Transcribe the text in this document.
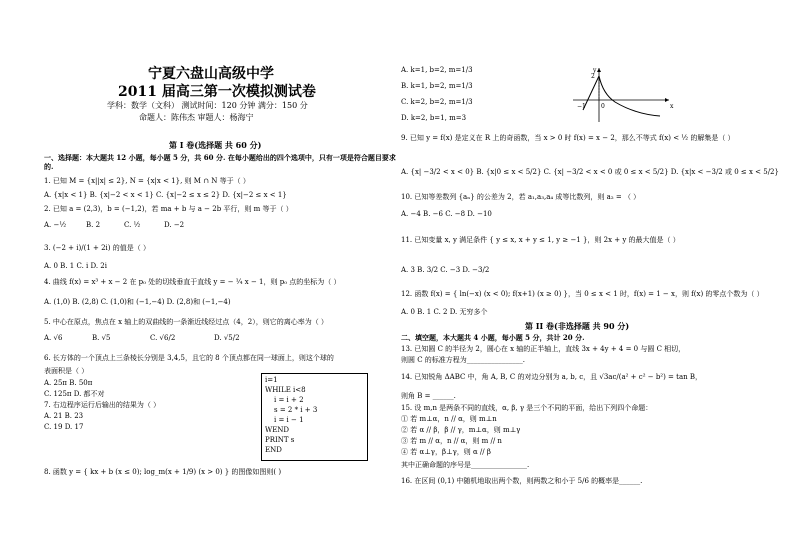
宁夏六盘山高级中学
2011 届高三第一次模拟测试卷
学科：数学（文科） 测试时间：120 分钟 满分：150 分
命题人：陈伟杰 审题人：杨海宁
第 I 卷(选择题 共 60 分)
一、选择题：本大题共 12 小题，每小题 5 分，共 60 分. 在每小题给出的四个选项中，只有一项是符合题目要求的.
1. 已知 M = {x||x| ≤ 2}, N = {x|x < 1}, 则 M ∩ N 等于（ ）
A. {x|x < 1} B. {x|−2 < x < 1} C. {x|−2 ≤ x ≤ 2} D. {x|−2 ≤ x < 1}
2. 已知 a = (2,3)，b = (−1,2)，若 ma + b 与 a − 2b 平行，则 m 等于（ ）
A. −½	B. 2	C. ½	D. −2
3. (−2 + i)/(1 + 2i) 的值是（ ）
A. 0 B. 1 C. i D. 2i
4. 曲线 f(x) = x³ + x − 2 在 p₀ 处的切线垂直于直线 y = − ¼ x − 1，则 p₀ 点的坐标为（ ）
A. (1,0) B. (2,8) C. (1,0)和 (−1,−4) D. (2,8)和 (−1,−4)
5. 中心在原点，焦点在 x 轴上的双曲线的一条渐近线经过点（4，2），则它的离心率为（ ）
A. √6	B. √5	C. √6/2	D. √5/2
6. 长方体的一个顶点上三条棱长分别是 3,4,5，且它的 8 个顶点都在同一球面上，则这个球的
表面积是（ ）
A. 25π B. 50π
C. 125π D. 都不对
7. 右边程序运行后输出的结果为（ ）
A. 21 B. 23
C. 19 D. 17
8. 函数 y = { kx + b (x ≤ 0); log_m(x + 1/9) (x > 0) } 的图像如图则( )
i=1
WHILE i<8
i = i + 2
s = 2 * i + 3
i = i − 1
WEND
PRINT s
END
A. k=1, b=2, m=1/3
B. k=1, b=2, m=1/3
C. k=2, b=2, m=1/3
D. k=2, b=1, m=3
9. 已知 y = f(x) 是定义在 R 上的奇函数，当 x > 0 时 f(x) = x − 2，那么不等式 f(x) < ½ 的解集是（ ）
A. {x| −3/2 < x < 0} B. {x|0 ≤ x < 5/2} C. {x| −3/2 < x < 0 或 0 ≤ x < 5/2} D. {x|x < −3/2 或 0 ≤ x < 5/2}
10. 已知等差数列 {aₙ} 的公差为 2，若 a₁,a₃,a₄ 成等比数列，则 a₂ = （ ）
A. −4 B. −6 C. −8 D. −10
11. 已知变量 x, y 满足条件 { y ≤ x, x + y ≤ 1, y ≥ −1 }，则 2x + y 的最大值是（ ）
A. 3 B. 3/2 C. −3 D. −3/2
12. 函数 f(x) = { ln(−x) (x < 0); f(x+1) (x ≥ 0) }，当 0 ≤ x < 1 时，f(x) = 1 − x，则 f(x) 的零点个数为（ ）
A. 0 B. 1 C. 2 D. 无穷多个
第 II 卷(非选择题 共 90 分)
二、填空题，本大题共 4 小题，每小题 5 分，共计 20 分.
13. 已知圆 C 的半径为 2，圆心在 x 轴的正半轴上，直线 3x + 4y + 4 = 0 与圆 C 相切，
则圆 C 的标准方程为________________.
14. 已知锐角 ΔABC 中，角 A, B, C 的对边分别为 a, b, c，且 √3ac/(a² + c² − b²) = tan B，
则角 B = ______.
15. 设 m,n 是两条不同的直线，α, β, γ 是三个不同的平面，给出下列四个命题：
① 若 m⊥α，n // α，则 m⊥n
② 若 α // β，β // γ，m⊥α，则 m⊥γ
③ 若 m // α，n // α，则 m // n
④ 若 α⊥γ，β⊥γ，则 α // β
其中正确命题的序号是________________.
16. 在区间 (0,1) 中随机地取出两个数，则两数之和小于 5/6 的概率是______.
y
x
2
0
−1
